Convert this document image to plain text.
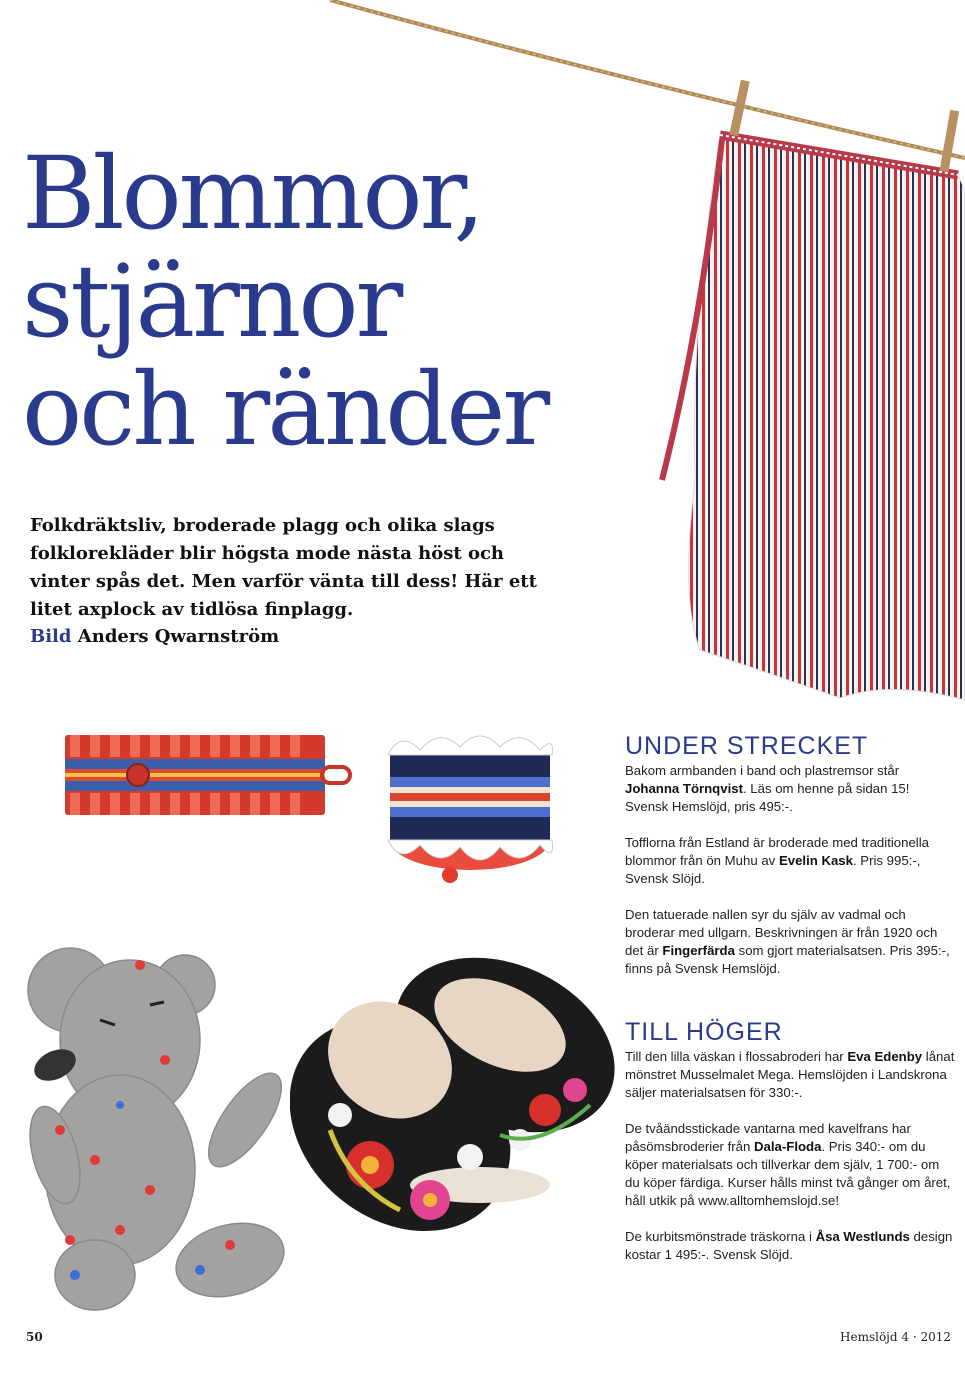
Blommor,
stjärnor
och ränder

Folkdräktsliv, broderade plagg och olika slags folklorekläder blir högsta mode nästa höst och vinter spås det. Men varför vänta till dess! Här ett litet axplock av tidlösa finplagg.

Bild Anders Qwarnström

UNDER STRECKET

Bakom armbanden i band och plastremsor står Johanna Törnqvist. Läs om henne på sidan 15! Svensk Hemslöjd, pris 495:-.

Tofflorna från Estland är broderade med traditionella blommor från ön Muhu av Evelin Kask. Pris 995:-, Svensk Slöjd.

Den tatuerade nallen syr du själv av vadmal och broderar med ullgarn. Beskrivningen är från 1920 och det är Fingerfärda som gjort materialsatsen. Pris 395:-, finns på Svensk Hemslöjd.

TILL HÖGER

Till den lilla väskan i flossabroderi har Eva Edenby lånat mönstret Musselmalet Mega. Hemslöjden i Landskrona säljer materialsatsen för 330:-.

De tvåändsstickade vantarna med kavelfrans har påsömsbroderier från Dala-Floda. Pris 340:- om du köper materialsats och tillverkar dem själv, 1 700:- om du köper färdiga. Kurser hålls minst två gånger om året, håll utkik på www.alltomhemslojd.se!

De kurbitsmönstrade träskorna i Åsa Westlunds design kostar 1 495:-. Svensk Slöjd.

50	Hemslöjd 4 · 2012
